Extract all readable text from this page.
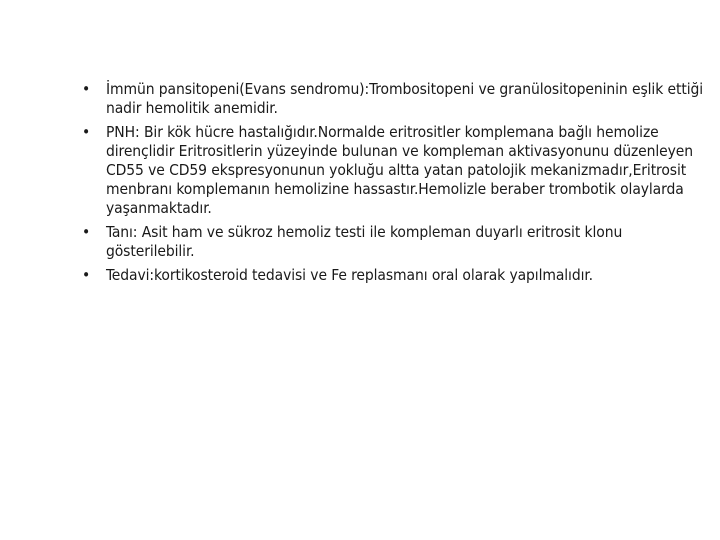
•	İmmün pansitopeni(Evans sendromu):Trombositopeni ve granülositopeninin eşlik ettiği nadir hemolitik anemidir.
•	PNH: Bir kök hücre hastalığıdır.Normalde eritrositler komplemana bağlı hemolize dirençlidir Eritrositlerin yüzeyinde bulunan ve kompleman aktivasyonunu düzenleyen CD55 ve CD59 ekspresyonunun yokluğu altta yatan patolojik mekanizmadır,Eritrosit menbranı komplemanın hemolizine hassastır.Hemolizle beraber trombotik olaylarda yaşanmaktadır.
•	Tanı: Asit ham ve sükroz hemoliz testi ile kompleman duyarlı eritrosit klonu gösterilebilir.
•	Tedavi:kortikosteroid tedavisi ve Fe replasmanı oral olarak yapılmalıdır.
